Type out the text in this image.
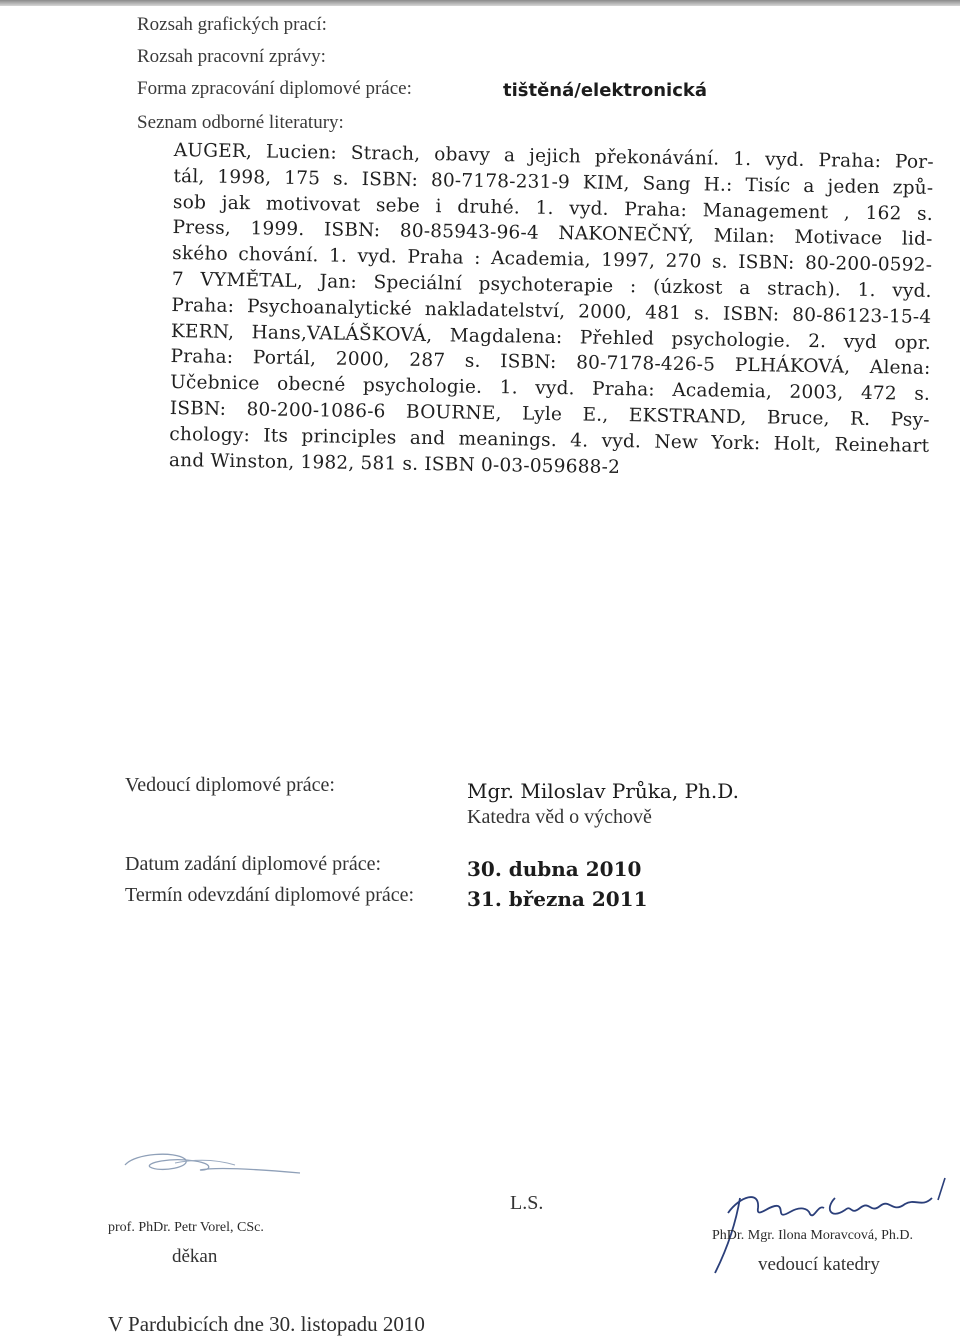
Rozsah grafických prací:
Rozsah pracovní zprávy:
Forma zpracování diplomové práce:	tištěná/elektronická
Seznam odborné literatury:
AUGER, Lucien: Strach, obavy a jejich překonávání. 1. vyd. Praha: Por-
tál, 1998, 175 s. ISBN: 80-7178-231-9 KIM, Sang H.: Tisíc a jeden způ-
sob jak motivovat sebe i druhé. 1. vyd. Praha: Management , 162 s.
Press, 1999. ISBN: 80-85943-96-4 NAKONEČNÝ, Milan: Motivace lid-
ského chování. 1. vyd. Praha : Academia, 1997, 270 s. ISBN: 80-200-0592-
7 VYMĚTAL, Jan: Speciální psychoterapie : (úzkost a strach). 1. vyd.
Praha: Psychoanalytické nakladatelství, 2000, 481 s. ISBN: 80-86123-15-4
KERN, Hans,VALÁŠKOVÁ, Magdalena: Přehled psychologie. 2. vyd opr.
Praha: Portál, 2000, 287 s. ISBN: 80-7178-426-5 PLHÁKOVÁ, Alena:
Učebnice obecné psychologie. 1. vyd. Praha: Academia, 2003, 472 s.
ISBN: 80-200-1086-6 BOURNE, Lyle E., EKSTRAND, Bruce, R. Psy-
chology: Its principles and meanings. 4. vyd. New York: Holt, Reinehart
and Winston, 1982, 581 s. ISBN 0-03-059688-2
Vedoucí diplomové práce:	Mgr. Miloslav Průka, Ph.D.
Katedra věd o výchově
Datum zadání diplomové práce:	30. dubna 2010
Termín odevzdání diplomové práce:	31. března 2011
prof. PhDr. Petr Vorel, CSc.
děkan
L.S.
PhDr. Mgr. Ilona Moravcová, Ph.D.
vedoucí katedry
V Pardubicích dne 30. listopadu 2010
